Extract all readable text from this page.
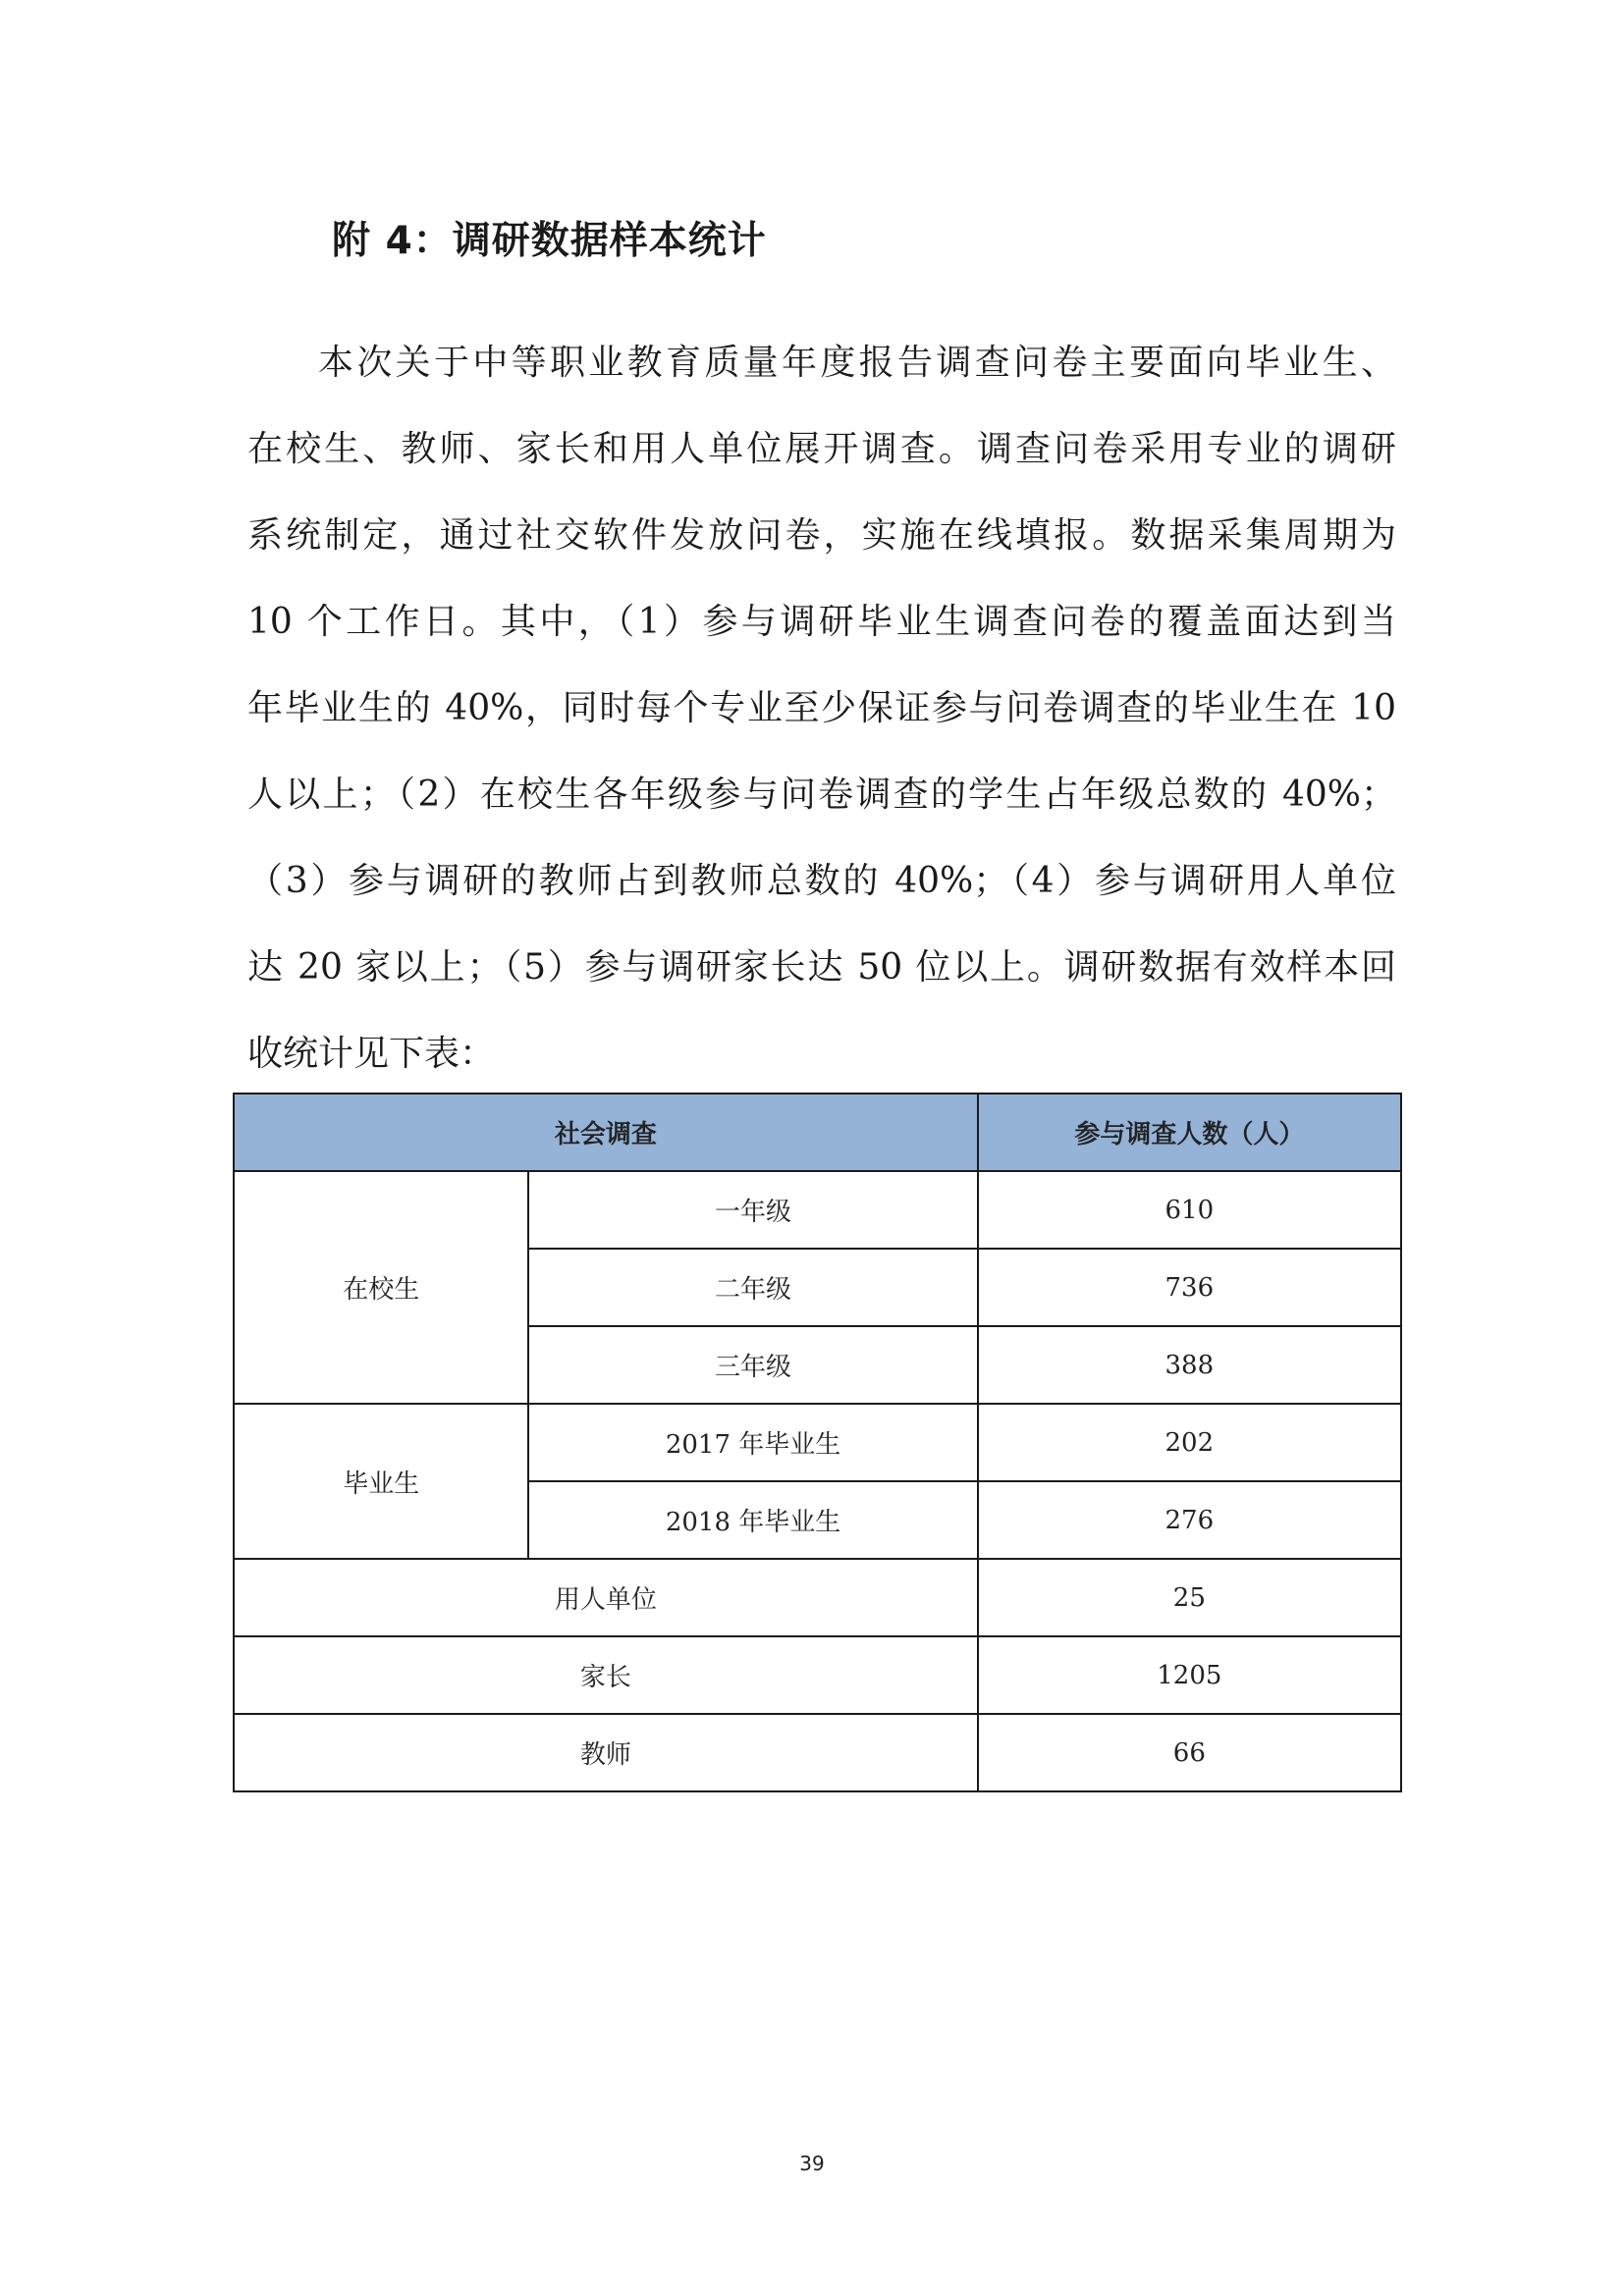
附 4：调研数据样本统计
本次关于中等职业教育质量年度报告调查问卷主要面向毕业生、
在校生、教师、家长和用人单位展开调查。调查问卷采用专业的调研
系统制定，通过社交软件发放问卷，实施在线填报。数据采集周期为
10 个工作日。其中，（1）参与调研毕业生调查问卷的覆盖面达到当
年毕业生的 40%，同时每个专业至少保证参与问卷调查的毕业生在 10
人以上；（2）在校生各年级参与问卷调查的学生占年级总数的 40%；
（3）参与调研的教师占到教师总数的 40%；（4）参与调研用人单位
达 20 家以上；（5）参与调研家长达 50 位以上。调研数据有效样本回
收统计见下表：
社会调查		参与调查人数（人）
在校生	一年级	610
	二年级	736
	三年级	388
毕业生	2017 年毕业生	202
	2018 年毕业生	276
用人单位		25
家长		1205
教师		66
39
